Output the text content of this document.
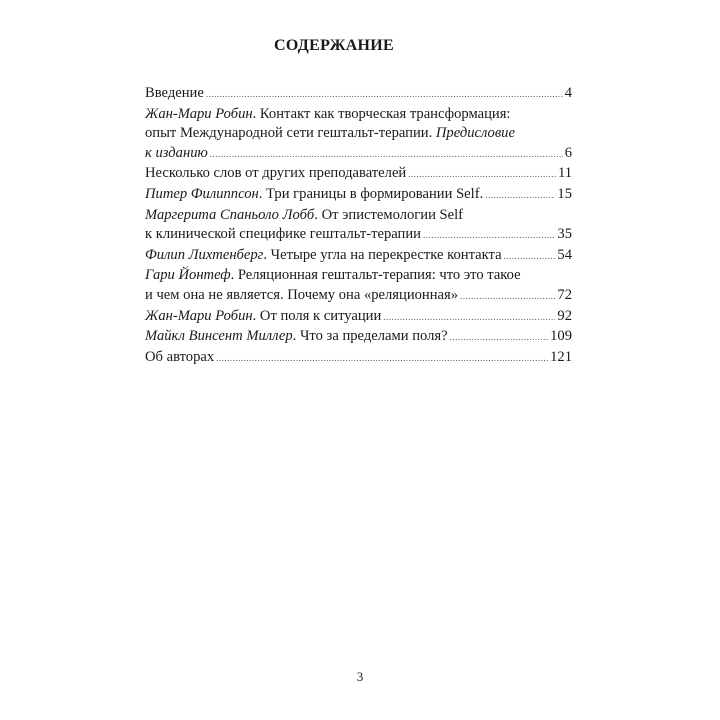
СОДЕРЖАНИЕ
Введение .....	4
Жан-Мари Робин. Контакт как творческая трансформация:
опыт Международной сети гештальт-терапии. Предисловие
к изданию .....	6
Несколько слов от других преподавателей .....	11
Питер Филиппсон. Три границы в формировании Self. .....	15
Маргерита Спаньоло Лобб. От эпистемологии Self
к клинической специфике гештальт-терапии .....	35
Филип Лихтенберг. Четыре угла на перекрестке контакта .....	54
Гари Йонтеф. Реляционная гештальт-терапия: что это такое
и чем она не является. Почему она «реляционная» .....	72
Жан-Мари Робин. От поля к ситуации .....	92
Майкл Винсент Миллер. Что за пределами поля? .....	109
Об авторах .....	121
3
